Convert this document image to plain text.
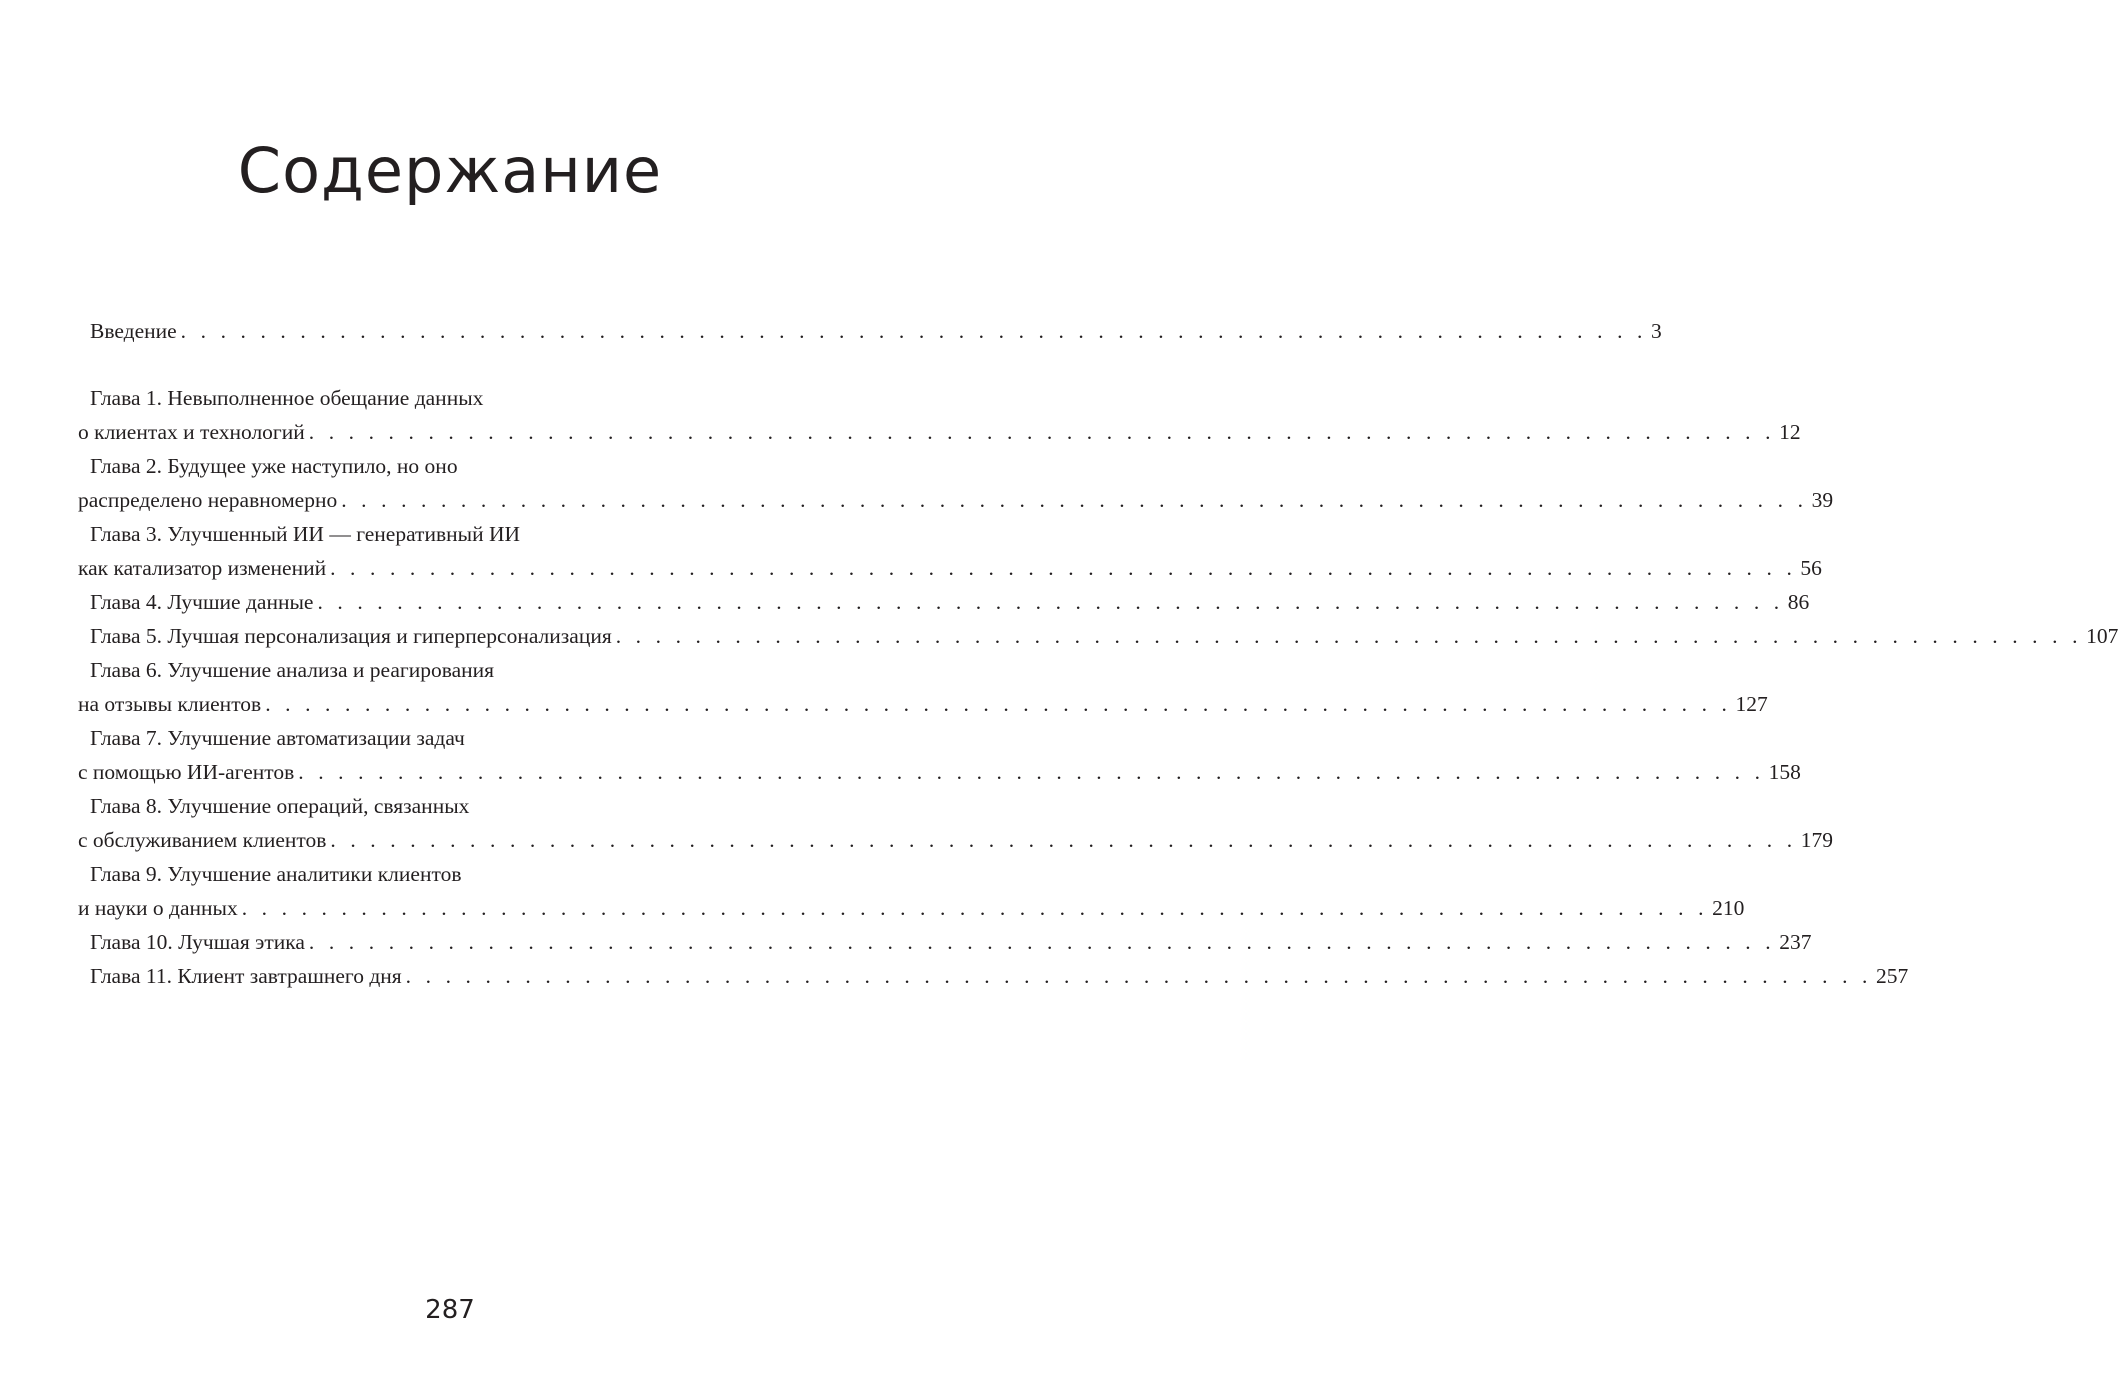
Содержание
Введение . . . . . . . . . . . . . . . . . . . . . . . . . . . . . . . . . . . . . . . . . . . . . . . . . . . . . . . . . . . . . . . . . . . . . . . . . . 3
Глава 1. Невыполненное обещание данных
о клиентах и технологий . . . . . . . . . . . . . . . . . . . . . . . . . . . . . . . . . . . . . . . . . . . . . . . . . . . . . . . . . . . . . . . . . . . . . . . . . . 12
Глава 2. Будущее уже наступило, но оно
распределено неравномерно . . . . . . . . . . . . . . . . . . . . . . . . . . . . . . . . . . . . . . . . . . . . . . . . . . . . . . . . . . . . . . . . . . . . . . . . . . 39
Глава 3. Улучшенный ИИ — генеративный ИИ
как катализатор изменений . . . . . . . . . . . . . . . . . . . . . . . . . . . . . . . . . . . . . . . . . . . . . . . . . . . . . . . . . . . . . . . . . . . . . . . . . . 56
Глава 4. Лучшие данные . . . . . . . . . . . . . . . . . . . . . . . . . . . . . . . . . . . . . . . . . . . . . . . . . . . . . . . . . . . . . . . . . . . . . . . . . . 86
Глава 5. Лучшая персонализация и гиперперсонализация . . . . . . . . . . . . . . . . . . . . . . . . . . . . . . . . . . . . . . . . . . . . . . . . . . . . . . . . . . . . . . . . . . . . . . . . . . 107
Глава 6. Улучшение анализа и реагирования
на отзывы клиентов . . . . . . . . . . . . . . . . . . . . . . . . . . . . . . . . . . . . . . . . . . . . . . . . . . . . . . . . . . . . . . . . . . . . . . . . . . 127
Глава 7. Улучшение автоматизации задач
с помощью ИИ-агентов . . . . . . . . . . . . . . . . . . . . . . . . . . . . . . . . . . . . . . . . . . . . . . . . . . . . . . . . . . . . . . . . . . . . . . . . . . 158
Глава 8. Улучшение операций, связанных
с обслуживанием клиентов . . . . . . . . . . . . . . . . . . . . . . . . . . . . . . . . . . . . . . . . . . . . . . . . . . . . . . . . . . . . . . . . . . . . . . . . . . 179
Глава 9. Улучшение аналитики клиентов
и науки о данных . . . . . . . . . . . . . . . . . . . . . . . . . . . . . . . . . . . . . . . . . . . . . . . . . . . . . . . . . . . . . . . . . . . . . . . . . . 210
Глава 10. Лучшая этика . . . . . . . . . . . . . . . . . . . . . . . . . . . . . . . . . . . . . . . . . . . . . . . . . . . . . . . . . . . . . . . . . . . . . . . . . . 237
Глава 11. Клиент завтрашнего дня . . . . . . . . . . . . . . . . . . . . . . . . . . . . . . . . . . . . . . . . . . . . . . . . . . . . . . . . . . . . . . . . . . . . . . . . . . 257
287
